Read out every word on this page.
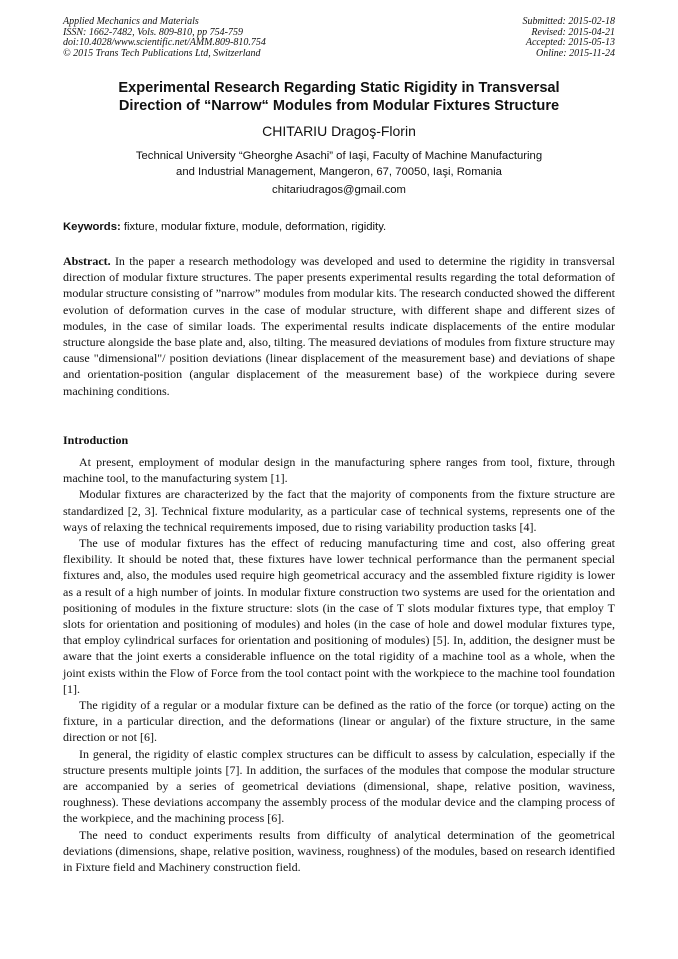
Applied Mechanics and Materials
ISSN: 1662-7482, Vols. 809-810, pp 754-759
doi:10.4028/www.scientific.net/AMM.809-810.754
© 2015 Trans Tech Publications Ltd, Switzerland
Submitted: 2015-02-18
Revised: 2015-04-21
Accepted: 2015-05-13
Online: 2015-11-24
Experimental Research Regarding Static Rigidity in Transversal
Direction of “Narrow“ Modules from Modular Fixtures Structure
CHITARIU Dragoş-Florin
Technical University “Gheorghe Asachi” of Iaşi, Faculty of Machine Manufacturing
and Industrial Management, Mangeron, 67, 70050, Iaşi, Romania
chitariudragos@gmail.com
Keywords: fixture, modular fixture, module, deformation, rigidity.
Abstract. In the paper a research methodology was developed and used to determine the rigidity in transversal direction of modular fixture structures. The paper presents experimental results regarding the total deformation of modular structure consisting of ”narrow” modules from modular kits. The research conducted showed the different evolution of deformation curves in the case of modular structure, with different shape and different sizes of modules, in the case of similar loads. The experimental results indicate displacements of the entire modular structure alongside the base plate and, also, tilting. The measured deviations of modules from fixture structure may cause "dimensional"/ position deviations (linear displacement of the measurement base) and deviations of shape and orientation-position (angular displacement of the measurement base) of the workpiece during severe machining conditions.
Introduction

At present, employment of modular design in the manufacturing sphere ranges from tool, fixture, through machine tool, to the manufacturing system [1].

Modular fixtures are characterized by the fact that the majority of components from the fixture structure are standardized [2, 3]. Technical fixture modularity, as a particular case of technical systems, represents one of the ways of relaxing the technical requirements imposed, due to rising variability production tasks [4].

The use of modular fixtures has the effect of reducing manufacturing time and cost, also offering great flexibility. It should be noted that, these fixtures have lower technical performance than the permanent special fixtures and, also, the modules used require high geometrical accuracy and the assembled fixture rigidity is lower as a result of a high number of joints. In modular fixture construction two systems are used for the orientation and positioning of modules in the fixture structure: slots (in the case of T slots modular fixtures type, that employ T slots for orientation and positioning of modules) and holes (in the case of hole and dowel modular fixtures type, that employ cylindrical surfaces for orientation and positioning of modules) [5]. In, addition, the designer must be aware that the joint exerts a considerable influence on the total rigidity of a machine tool as a whole, when the joint exists within the Flow of Force from the tool contact point with the workpiece to the machine tool foundation [1].

The rigidity of a regular or a modular fixture can be defined as the ratio of the force (or torque) acting on the fixture, in a particular direction, and the deformations (linear or angular) of the fixture structure, in the same direction or not [6].

In general, the rigidity of elastic complex structures can be difficult to assess by calculation, especially if the structure presents multiple joints [7]. In addition, the surfaces of the modules that compose the modular structure are accompanied by a series of geometrical deviations (dimensional, shape, relative position, waviness, roughness). These deviations accompany the assembly process of the modular device and the clamping process of the workpiece, and the machining process [6].

The need to conduct experiments results from difficulty of analytical determination of the geometrical deviations (dimensions, shape, relative position, waviness, roughness) of the modules, based on research identified in Fixture field and Machinery construction field.
